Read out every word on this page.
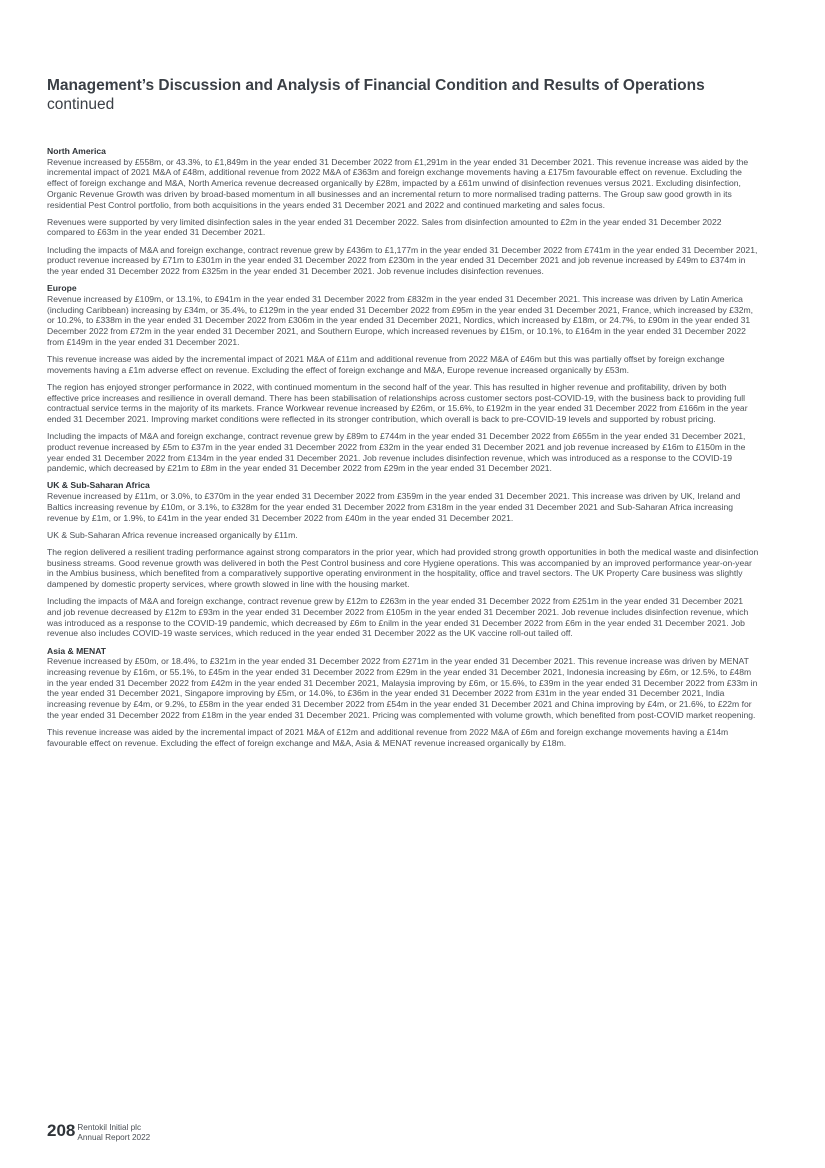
Management’s Discussion and Analysis of Financial Condition and Results of Operations
continued
North America

Revenue increased by £558m, or 43.3%, to £1,849m in the year ended 31 December 2022 from £1,291m in the year ended 31 December 2021. This revenue increase was aided by the incremental impact of 2021 M&A of £48m, additional revenue from 2022 M&A of £363m and foreign exchange movements having a £175m favourable effect on revenue. Excluding the effect of foreign exchange and M&A, North America revenue decreased organically by £28m, impacted by a £61m unwind of disinfection revenues versus 2021. Excluding disinfection, Organic Revenue Growth was driven by broad-based momentum in all businesses and an incremental return to more normalised trading patterns. The Group saw good growth in its residential Pest Control portfolio, from both acquisitions in the years ended 31 December 2021 and 2022 and continued marketing and sales focus.

Revenues were supported by very limited disinfection sales in the year ended 31 December 2022. Sales from disinfection amounted to £2m in the year ended 31 December 2022 compared to £63m in the year ended 31 December 2021.

Including the impacts of M&A and foreign exchange, contract revenue grew by £436m to £1,177m in the year ended 31 December 2022 from £741m in the year ended 31 December 2021, product revenue increased by £71m to £301m in the year ended 31 December 2022 from £230m in the year ended 31 December 2021 and job revenue increased by £49m to £374m in the year ended 31 December 2022 from £325m in the year ended 31 December 2021. Job revenue includes disinfection revenues.

Europe

Revenue increased by £109m, or 13.1%, to £941m in the year ended 31 December 2022 from £832m in the year ended 31 December 2021. This increase was driven by Latin America (including Caribbean) increasing by £34m, or 35.4%, to £129m in the year ended 31 December 2022 from £95m in the year ended 31 December 2021, France, which increased by £32m, or 10.2%, to £338m in the year ended 31 December 2022 from £306m in the year ended 31 December 2021, Nordics, which increased by £18m, or 24.7%, to £90m in the year ended 31 December 2022 from £72m in the year ended 31 December 2021, and Southern Europe, which increased revenues by £15m, or 10.1%, to £164m in the year ended 31 December 2022 from £149m in the year ended 31 December 2021.

This revenue increase was aided by the incremental impact of 2021 M&A of £11m and additional revenue from 2022 M&A of £46m but this was partially offset by foreign exchange movements having a £1m adverse effect on revenue. Excluding the effect of foreign exchange and M&A, Europe revenue increased organically by £53m.

The region has enjoyed stronger performance in 2022, with continued momentum in the second half of the year. This has resulted in higher revenue and profitability, driven by both effective price increases and resilience in overall demand. There has been stabilisation of relationships across customer sectors post-COVID-19, with the business back to providing full contractual service terms in the majority of its markets. France Workwear revenue increased by £26m, or 15.6%, to £192m in the year ended 31 December 2022 from £166m in the year ended 31 December 2021. Improving market conditions were reflected in its stronger contribution, which overall is back to pre-COVID-19 levels and supported by robust pricing.

Including the impacts of M&A and foreign exchange, contract revenue grew by £89m to £744m in the year ended 31 December 2022 from £655m in the year ended 31 December 2021, product revenue increased by £5m to £37m in the year ended 31 December 2022 from £32m in the year ended 31 December 2021 and job revenue increased by £16m to £150m in the year ended 31 December 2022 from £134m in the year ended 31 December 2021. Job revenue includes disinfection revenue, which was introduced as a response to the COVID-19 pandemic, which decreased by £21m to £8m in the year ended 31 December 2022 from £29m in the year ended 31 December 2021.

UK & Sub-Saharan Africa

Revenue increased by £11m, or 3.0%, to £370m in the year ended 31 December 2022 from £359m in the year ended 31 December 2021. This increase was driven by UK, Ireland and Baltics increasing revenue by £10m, or 3.1%, to £328m for the year ended 31 December 2022 from £318m in the year ended 31 December 2021 and Sub-Saharan Africa increasing revenue by £1m, or 1.9%, to £41m in the year ended 31 December 2022 from £40m in the year ended 31 December 2021.

UK & Sub-Saharan Africa revenue increased organically by £11m.

The region delivered a resilient trading performance against strong comparators in the prior year, which had provided strong growth opportunities in both the medical waste and disinfection business streams. Good revenue growth was delivered in both the Pest Control business and core Hygiene operations. This was accompanied by an improved performance year-on-year in the Ambius business, which benefited from a comparatively supportive operating environment in the hospitality, office and travel sectors. The UK Property Care business was slightly dampened by domestic property services, where growth slowed in line with the housing market.

Including the impacts of M&A and foreign exchange, contract revenue grew by £12m to £263m in the year ended 31 December 2022 from £251m in the year ended 31 December 2021 and job revenue decreased by £12m to £93m in the year ended 31 December 2022 from £105m in the year ended 31 December 2021. Job revenue includes disinfection revenue, which was introduced as a response to the COVID-19 pandemic, which decreased by £6m to £nilm in the year ended 31 December 2022 from £6m in the year ended 31 December 2021. Job revenue also includes COVID-19 waste services, which reduced in the year ended 31 December 2022 as the UK vaccine roll-out tailed off.

Asia & MENAT

Revenue increased by £50m, or 18.4%, to £321m in the year ended 31 December 2022 from £271m in the year ended 31 December 2021. This revenue increase was driven by MENAT increasing revenue by £16m, or 55.1%, to £45m in the year ended 31 December 2022 from £29m in the year ended 31 December 2021, Indonesia increasing by £6m, or 12.5%, to £48m in the year ended 31 December 2022 from £42m in the year ended 31 December 2021, Malaysia improving by £6m, or 15.6%, to £39m in the year ended 31 December 2022 from £33m in the year ended 31 December 2021, Singapore improving by £5m, or 14.0%, to £36m in the year ended 31 December 2022 from £31m in the year ended 31 December 2021, India increasing revenue by £4m, or 9.2%, to £58m in the year ended 31 December 2022 from £54m in the year ended 31 December 2021 and China improving by £4m, or 21.6%, to £22m for the year ended 31 December 2022 from £18m in the year ended 31 December 2021. Pricing was complemented with volume growth, which benefited from post-COVID market reopening.

This revenue increase was aided by the incremental impact of 2021 M&A of £12m and additional revenue from 2022 M&A of £6m and foreign exchange movements having a £14m favourable effect on revenue. Excluding the effect of foreign exchange and M&A, Asia & MENAT revenue increased organically by £18m.

208 Rentokil Initial plc
Annual Report 2022
